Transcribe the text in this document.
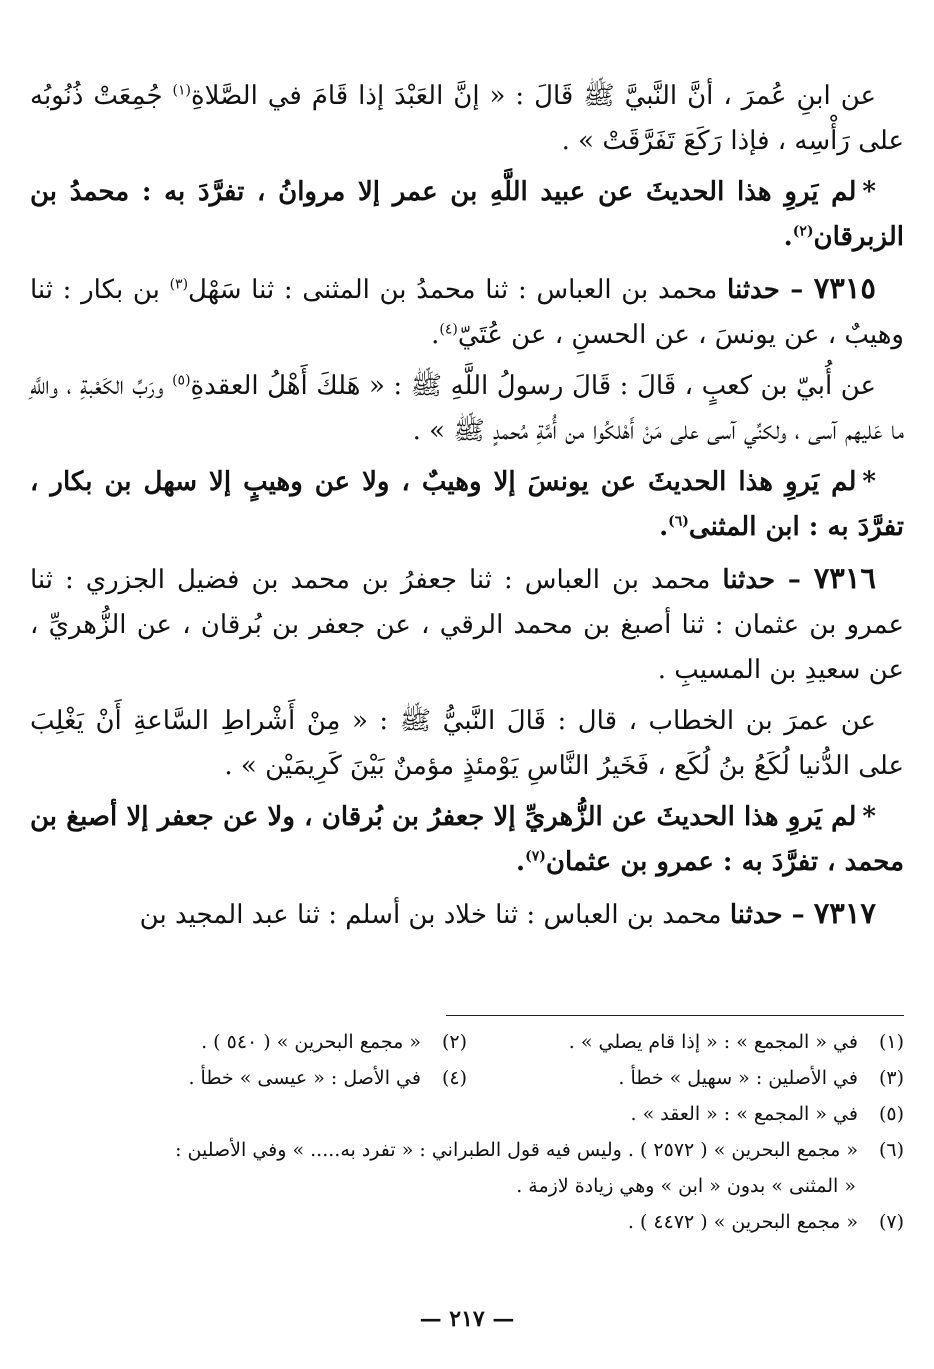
عن ابنِ عُمرَ ، أنَّ النَّبيَّ ﷺ قَالَ : « إنَّ العَبْدَ إذا قَامَ في الصَّلاةِ$^{(١)}$ جُمِعَتْ ذُنُوبُه على رَأْسِه ، فإذا رَكَعَ تَفَرَّقَتْ » .

*لم يَروِ هذا الحديثَ عن عبيد اللَّهِ بن عمر إلا مروانُ ، تفرَّدَ به : محمدُ بن الزبرقان$^{(٢)}$.

٧٣١٥ – حدثنا محمد بن العباس : ثنا محمدُ بن المثنى : ثنا سَهْل$^{(٣)}$ بن بكار : ثنا وهيبٌ ، عن يونسَ ، عن الحسنِ ، عن عُتَيّ$^{(٤)}$.

عن أُبيّ بن كعبٍ ، قَالَ : قَالَ رسولُ اللَّهِ ﷺ : « هَلكَ أَهْلُ العقدةِ$^{(٥)}$ ورَبِّ الكَعْبةِ ، واللَّهِ ما عَليهم آسى ، ولكنِّي آسى على مَنْ أَهْلكُوا من أُمَّةِ مُحمدٍ ﷺ » .

*لم يَروِ هذا الحديثَ عن يونسَ إلا وهيبٌ ، ولا عن وهيبٍ إلا سهل بن بكار ، تفرَّدَ به : ابن المثنى$^{(٦)}$.

٧٣١٦ – حدثنا محمد بن العباس : ثنا جعفرُ بن محمد بن فضيل الجزري : ثنا عمرو بن عثمان : ثنا أصبغ بن محمد الرقي ، عن جعفر بن بُرقان ، عن الزُّهريِّ ، عن سعيدِ بن المسيبِ .

عن عمرَ بن الخطاب ، قال : قَالَ النَّبيُّ ﷺ : « مِنْ أَشْراطِ السَّاعةِ أَنْ يَغْلِبَ على الدُّنيا لُكَعُ بنُ لُكَع ، فَخَيرُ النَّاسِ يَوْمئذٍ مؤمنٌ بَيْنَ كَرِيمَيْن » .

*لم يَروِ هذا الحديثَ عن الزُّهريِّ إلا جعفرُ بن بُرقان ، ولا عن جعفر إلا أصبغ بن محمد ، تفرَّدَ به : عمرو بن عثمان$^{(٧)}$.

٧٣١٧ – حدثنا محمد بن العباس : ثنا خلاد بن أسلم : ثنا عبد المجيد بن

(١) في « المجمع » : « إذا قام يصلي » .
(٢) « مجمع البحرين » ( ٥٤٠ ) .
(٣) في الأصلين : « سهيل » خطأ .
(٤) في الأصل : « عيسى » خطأ .
(٥) في « المجمع » : « العقد » .
(٦) « مجمع البحرين » ( ٢٥٧٢ ) . وليس فيه قول الطبراني : « تفرد به..... » وفي الأصلين :
« المثنى » بدون « ابن » وهي زيادة لازمة .
(٧) « مجمع البحرين » ( ٤٤٧٢ ) .
— ٢١٧ —
